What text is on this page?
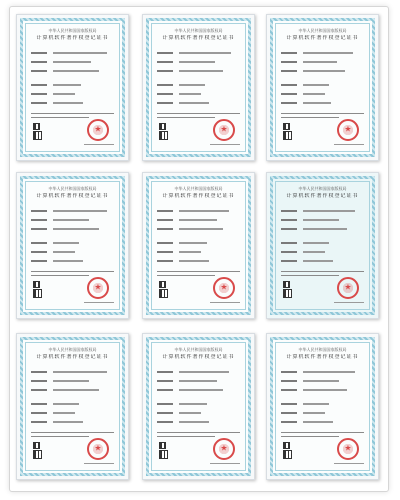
中华人民共和国国家版权局
计算机软件著作权登记证书
★
中华人民共和国国家版权局
计算机软件著作权登记证书
★
中华人民共和国国家版权局
计算机软件著作权登记证书
★
中华人民共和国国家版权局
计算机软件著作权登记证书
★
中华人民共和国国家版权局
计算机软件著作权登记证书
★
中华人民共和国国家版权局
计算机软件著作权登记证书
★
中华人民共和国国家版权局
计算机软件著作权登记证书
★
中华人民共和国国家版权局
计算机软件著作权登记证书
★
中华人民共和国国家版权局
计算机软件著作权登记证书
★
